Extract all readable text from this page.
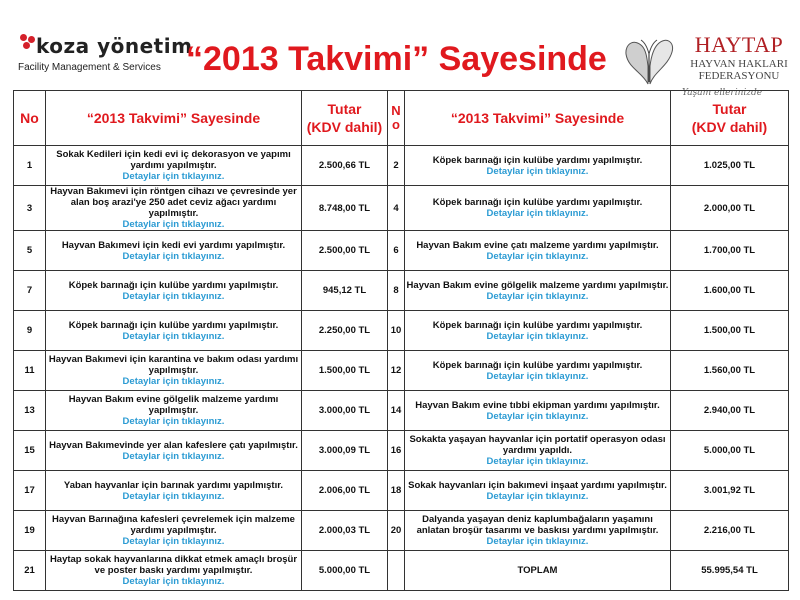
koza yönetim
Facility Management & Services “2013 Takvimi” Sayesinde	HAYTAP
HAYVAN HAKLARI
FEDERASYONU
Yaşam ellerinizde
No	“2013 Takvimi” Sayesinde	Tutar
(KDV dahil)	N
o	“2013 Takvimi” Sayesinde	Tutar
(KDV dahil)

1	Sokak Kedileri için kedi evi iç dekorasyon ve yapımı yardımı yapılmıştır.
Detaylar için tıklayınız.	2.500,66 TL	2	Köpek barınağı için kulübe yardımı yapılmıştır.
Detaylar için tıklayınız.	1.025,00 TL
3	Hayvan Bakımevi için röntgen cihazı ve çevresinde yer alan boş arazi'ye 250 adet ceviz ağacı yardımı yapılmıştır.
Detaylar için tıklayınız.	8.748,00 TL	4	Köpek barınağı için kulübe yardımı yapılmıştır.
Detaylar için tıklayınız.	2.000,00 TL
5	Hayvan Bakımevi için kedi evi yardımı yapılmıştır.
Detaylar için tıklayınız.	2.500,00 TL	6	Hayvan Bakım evine çatı malzeme yardımı yapılmıştır.
Detaylar için tıklayınız.	1.700,00 TL
7	Köpek barınağı için kulübe yardımı yapılmıştır.
Detaylar için tıklayınız.	945,12 TL	8	Hayvan Bakım evine gölgelik malzeme yardımı yapılmıştır.
Detaylar için tıklayınız.	1.600,00 TL
9	Köpek barınağı için kulübe yardımı yapılmıştır.
Detaylar için tıklayınız.	2.250,00 TL	10	Köpek barınağı için kulübe yardımı yapılmıştır.
Detaylar için tıklayınız.	1.500,00 TL
11	Hayvan Bakımevi için karantina ve bakım odası yardımı yapılmıştır.
Detaylar için tıklayınız.	1.500,00 TL	12	Köpek barınağı için kulübe yardımı yapılmıştır.
Detaylar için tıklayınız.	1.560,00 TL
13	Hayvan Bakım evine gölgelik malzeme yardımı yapılmıştır.
Detaylar için tıklayınız.	3.000,00 TL	14	Hayvan Bakım evine tıbbi ekipman yardımı yapılmıştır.
Detaylar için tıklayınız.	2.940,00 TL
15	Hayvan Bakımevinde yer alan kafeslere çatı yapılmıştır.
Detaylar için tıklayınız.	3.000,09 TL	16	Sokakta yaşayan hayvanlar için portatif operasyon odası yardımı yapıldı.
Detaylar için tıklayınız.	5.000,00 TL
17	Yaban hayvanlar için barınak yardımı yapılmıştır.
Detaylar için tıklayınız.	2.006,00 TL	18	Sokak hayvanları için bakımevi inşaat yardımı yapılmıştır.
Detaylar için tıklayınız.	3.001,92 TL
19	Hayvan Barınağına kafesleri çevrelemek için malzeme yardımı yapılmıştır.
Detaylar için tıklayınız.	2.000,03 TL	20	Dalyanda yaşayan deniz kaplumbağaların yaşamını anlatan broşür tasarımı ve baskısı yardımı yapılmıştır.
Detaylar için tıklayınız.	2.216,00 TL
21	Haytap sokak hayvanlarına dikkat etmek amaçlı broşür ve poster baskı yardımı yapılmıştır.
Detaylar için tıklayınız.	5.000,00 TL		TOPLAM	55.995,54 TL
